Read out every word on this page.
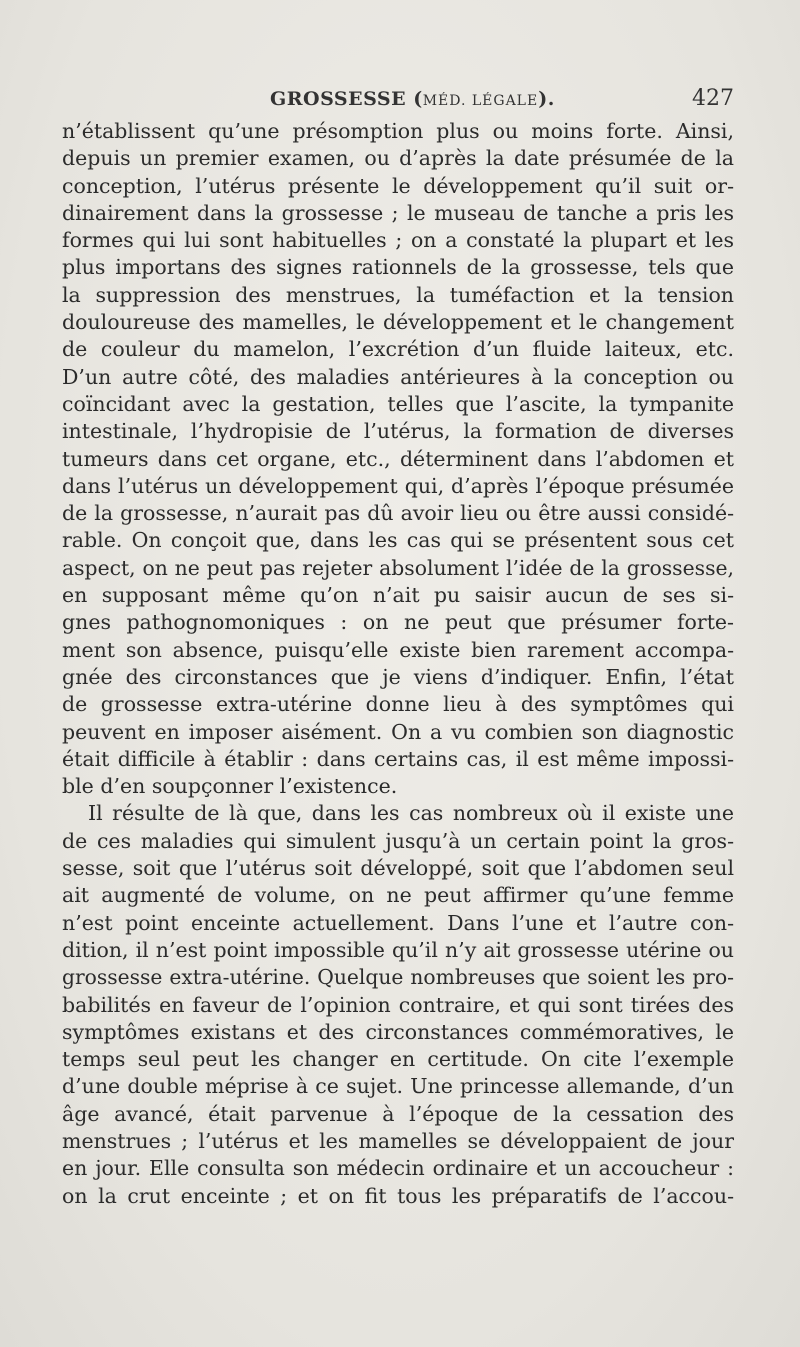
GROSSESSE (MÉD. LÉGALE).	427
n’établissent qu’une présomption plus ou moins forte. Ainsi,
depuis un premier examen, ou d’après la date présumée de la
conception, l’utérus présente le développement qu’il suit or-
dinairement dans la grossesse ; le museau de tanche a pris les
formes qui lui sont habituelles ; on a constaté la plupart et les
plus importans des signes rationnels de la grossesse, tels que
la suppression des menstrues, la tuméfaction et la tension
douloureuse des mamelles, le développement et le changement
de couleur du mamelon, l’excrétion d’un fluide laiteux, etc.
D’un autre côté, des maladies antérieures à la conception ou
coïncidant avec la gestation, telles que l’ascite, la tympanite
intestinale, l’hydropisie de l’utérus, la formation de diverses
tumeurs dans cet organe, etc., déterminent dans l’abdomen et
dans l’utérus un développement qui, d’après l’époque présumée
de la grossesse, n’aurait pas dû avoir lieu ou être aussi considé-
rable. On conçoit que, dans les cas qui se présentent sous cet
aspect, on ne peut pas rejeter absolument l’idée de la grossesse,
en supposant même qu’on n’ait pu saisir aucun de ses si-
gnes pathognomoniques : on ne peut que présumer forte-
ment son absence, puisqu’elle existe bien rarement accompa-
gnée des circonstances que je viens d’indiquer. Enfin, l’état
de grossesse extra-utérine donne lieu à des symptômes qui
peuvent en imposer aisément. On a vu combien son diagnostic
était difficile à établir : dans certains cas, il est même impossi-
ble d’en soupçonner l’existence.
Il résulte de là que, dans les cas nombreux où il existe une
de ces maladies qui simulent jusqu’à un certain point la gros-
sesse, soit que l’utérus soit développé, soit que l’abdomen seul
ait augmenté de volume, on ne peut affirmer qu’une femme
n’est point enceinte actuellement. Dans l’une et l’autre con-
dition, il n’est point impossible qu’il n’y ait grossesse utérine ou
grossesse extra-utérine. Quelque nombreuses que soient les pro-
babilités en faveur de l’opinion contraire, et qui sont tirées des
symptômes existans et des circonstances commémoratives, le
temps seul peut les changer en certitude. On cite l’exemple
d’une double méprise à ce sujet. Une princesse allemande, d’un
âge avancé, était parvenue à l’époque de la cessation des
menstrues ; l’utérus et les mamelles se développaient de jour
en jour. Elle consulta son médecin ordinaire et un accoucheur :
on la crut enceinte ; et on fit tous les préparatifs de l’accou-
